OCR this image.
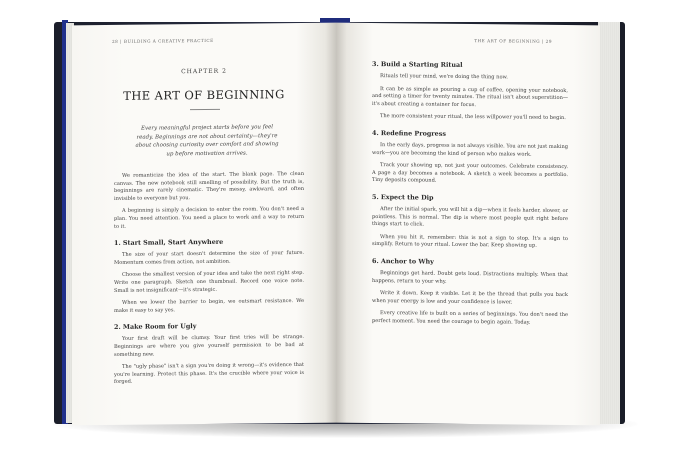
28 | BUILDING A CREATIVE PRACTICE
CHAPTER 2
THE ART OF BEGINNING
Every meaningful project starts before you feel ready. Beginnings are not about certainty—they're about choosing curiosity over comfort and showing up before motivation arrives.

We romanticize the idea of the start. The blank page. The clean canvas. The new notebook still smelling of possibility. But the truth is, beginnings are rarely cinematic. They're messy, awkward, and often invisible to everyone but you.

A beginning is simply a decision to enter the room. You don't need a plan. You need attention. You need a place to work and a way to return to it.

1. Start Small, Start Anywhere

The size of your start doesn't determine the size of your future. Momentum comes from action, not ambition.

Choose the smallest version of your idea and take the next right step. Write one paragraph. Sketch one thumbnail. Record one voice note. Small is not insignificant—it's strategic.

When we lower the barrier to begin, we outsmart resistance. We make it easy to say yes.

2. Make Room for Ugly

Your first draft will be clumsy. Your first tries will be strange. Beginnings are where you give yourself permission to be bad at something new.

The "ugly phase" isn't a sign you're doing it wrong—it's evidence that you're learning. Protect this phase. It's the crucible where your voice is forged.

THE ART OF BEGINNING | 29
3. Build a Starting Ritual

Rituals tell your mind, we're doing the thing now.

It can be as simple as pouring a cup of coffee, opening your notebook, and setting a timer for twenty minutes. The ritual isn't about superstition—it's about creating a container for focus.

The more consistent your ritual, the less willpower you'll need to begin.

4. Redefine Progress

In the early days, progress is not always visible. You are not just making work—you are becoming the kind of person who makes work.

Track your showing up, not just your outcomes. Celebrate consistency. A page a day becomes a notebook. A sketch a week becomes a portfolio. Tiny deposits compound.

5. Expect the Dip

After the initial spark, you will hit a dip—when it feels harder, slower, or pointless. This is normal. The dip is where most people quit right before things start to click.

When you hit it, remember: this is not a sign to stop. It's a sign to simplify. Return to your ritual. Lower the bar. Keep showing up.

6. Anchor to Why

Beginnings get hard. Doubt gets loud. Distractions multiply. When that happens, return to your why.

Write it down. Keep it visible. Let it be the thread that pulls you back when your energy is low and your confidence is lower.

Every creative life is built on a series of beginnings. You don't need the perfect moment. You need the courage to begin again. Today.
